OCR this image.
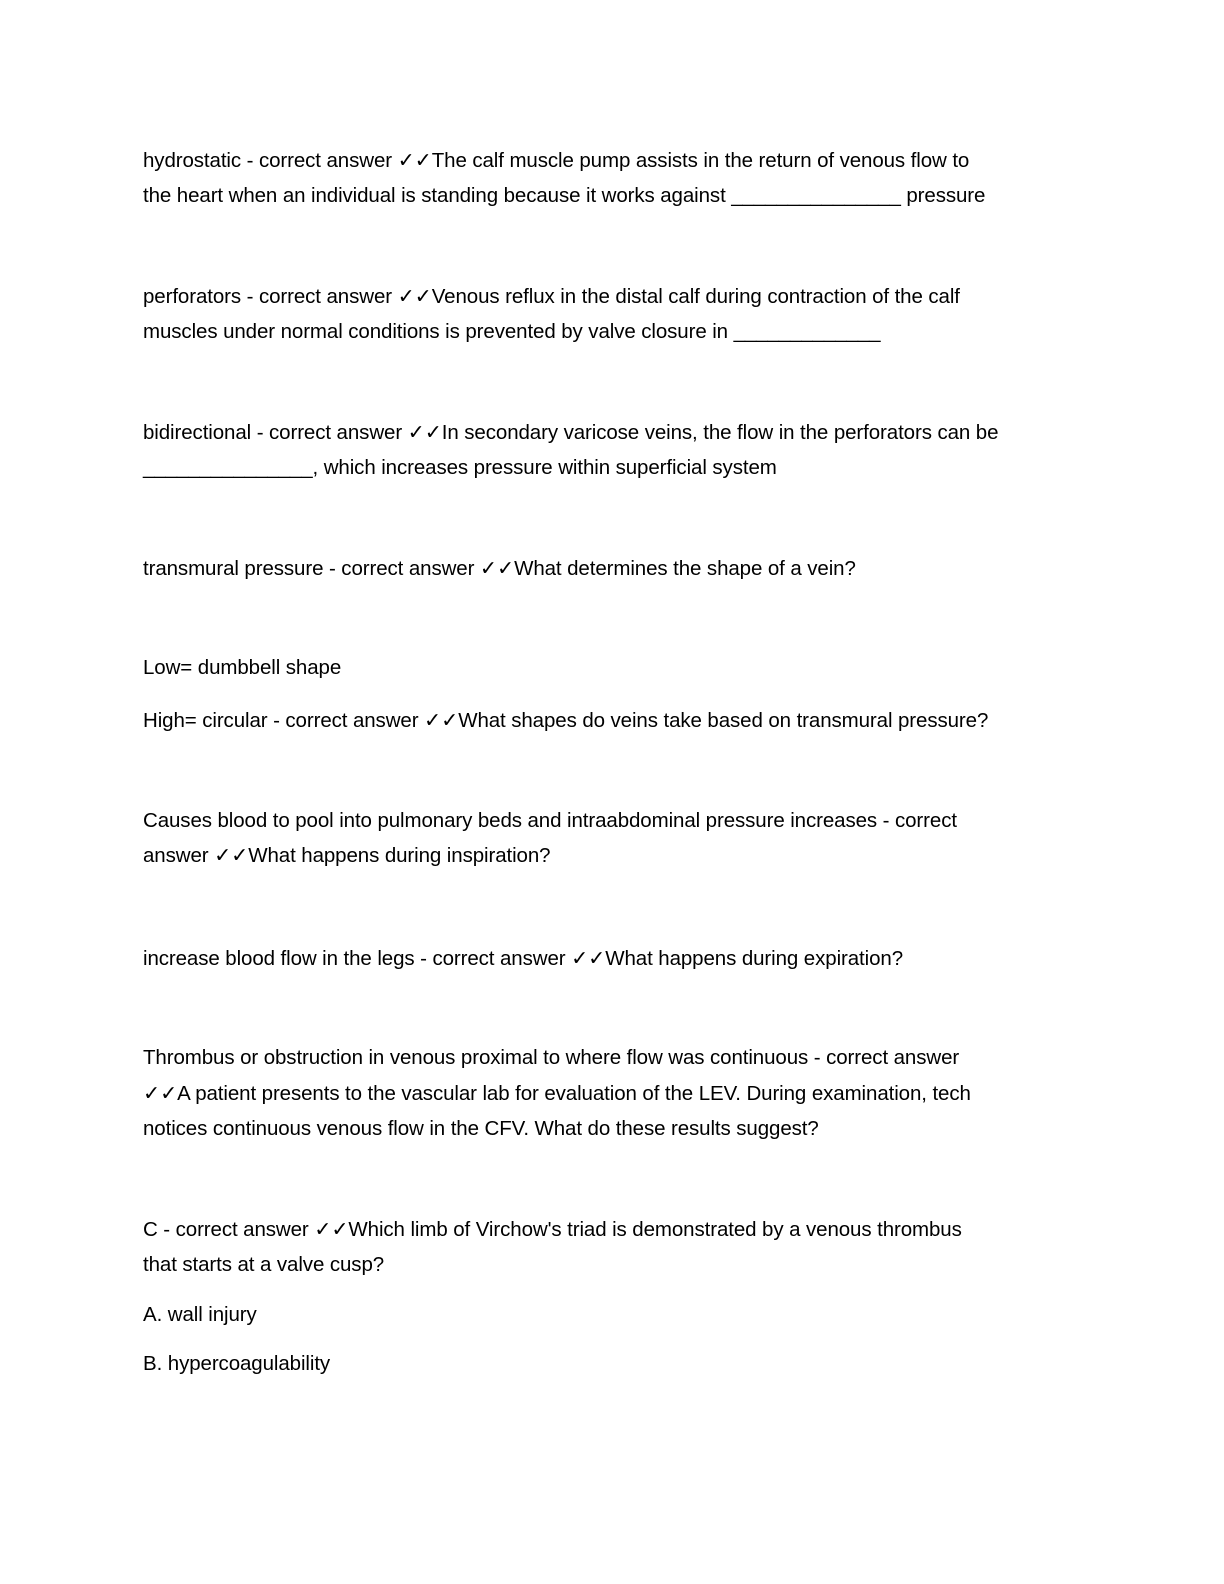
hydrostatic - correct answer ✓✓The calf muscle pump assists in the return of venous flow to
the heart when an individual is standing because it works against _______________ pressure
perforators - correct answer ✓✓Venous reflux in the distal calf during contraction of the calf
muscles under normal conditions is prevented by valve closure in _____________
bidirectional - correct answer ✓✓In secondary varicose veins, the flow in the perforators can be
_______________, which increases pressure within superficial system
transmural pressure - correct answer ✓✓What determines the shape of a vein?
Low= dumbbell shape
High= circular - correct answer ✓✓What shapes do veins take based on transmural pressure?
Causes blood to pool into pulmonary beds and intraabdominal pressure increases - correct
answer ✓✓What happens during inspiration?
increase blood flow in the legs - correct answer ✓✓What happens during expiration?
Thrombus or obstruction in venous proximal to where flow was continuous - correct answer
✓✓A patient presents to the vascular lab for evaluation of the LEV. During examination, tech
notices continuous venous flow in the CFV. What do these results suggest?
C - correct answer ✓✓Which limb of Virchow's triad is demonstrated by a venous thrombus
that starts at a valve cusp?
A. wall injury
B. hypercoagulability
